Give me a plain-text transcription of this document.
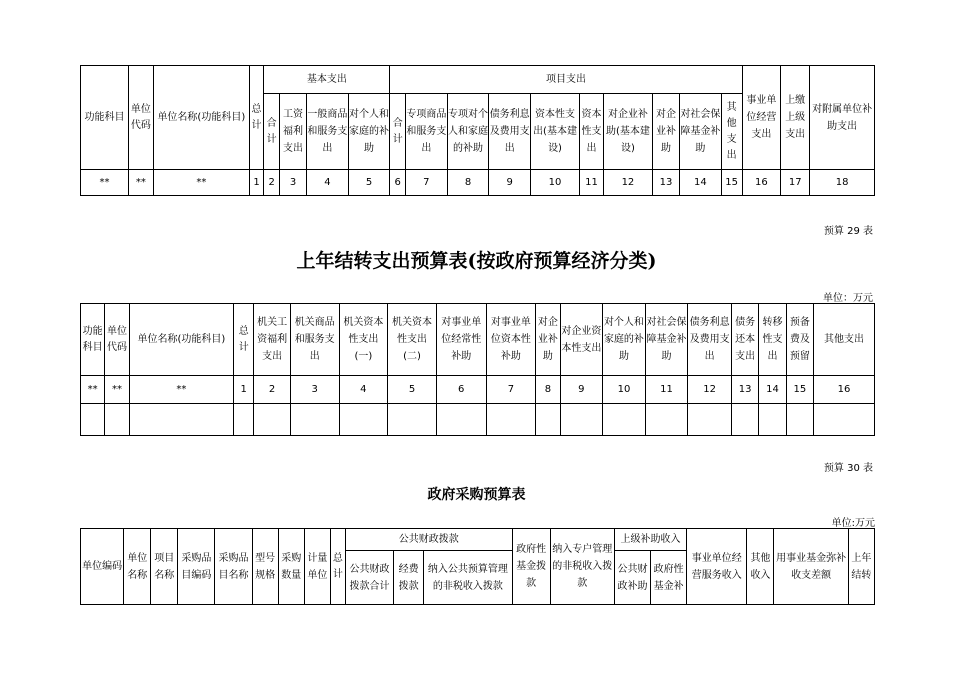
功能科目	单位代码	单位名称(功能科目)	总计	基本支出				项目支出										事业单位经营支出	上缴上级支出	对附属单位补助支出
				合计	工资福利支出	一般商品和服务支出	对个人和家庭的补助	合计	专项商品和服务支出	专项对个人和家庭的补助	债务利息及费用支出	资本性支出(基本建设)	资本性支出	对企业补助(基本建设)	对企业补助	对社会保障基金补助	其他支出			
**	**	**	1	2	3	4	5	6	7	8	9	10	11	12	13	14	15	16	17	18
预算 29 表
上年结转支出预算表(按政府预算经济分类)
单位：万元
功能科目	单位代码	单位名称(功能科目)	总计	机关工资福利支出	机关商品和服务支出	机关资本性支出(一)	机关资本性支出(二)	对事业单位经常性补助	对事业单位资本性补助	对企业补助	对企业资本性支出	对个人和家庭的补助	对社会保障基金补助	债务利息及费用支出	债务还本支出	转移性支出	预备费及预留	其他支出
**	**	**	1	2	3	4	5	6	7	8	9	10	11	12	13	14	15	16

预算 30 表
政府采购预算表
单位:万元
单位编码	单位名称	项目名称	采购品目编码	采购品目名称	型号规格	采购数量	计量单位	总计	公共财政拨款			政府性基金拨款	纳入专户管理的非税收入拨款	上级补助收入		事业单位经营服务收入	其他收入	用事业基金弥补收支差额	上年结转
									公共财政拨款合计	经费拨款	纳入公共预算管理的非税收入拨款			公共财政补助	政府性基金补				
